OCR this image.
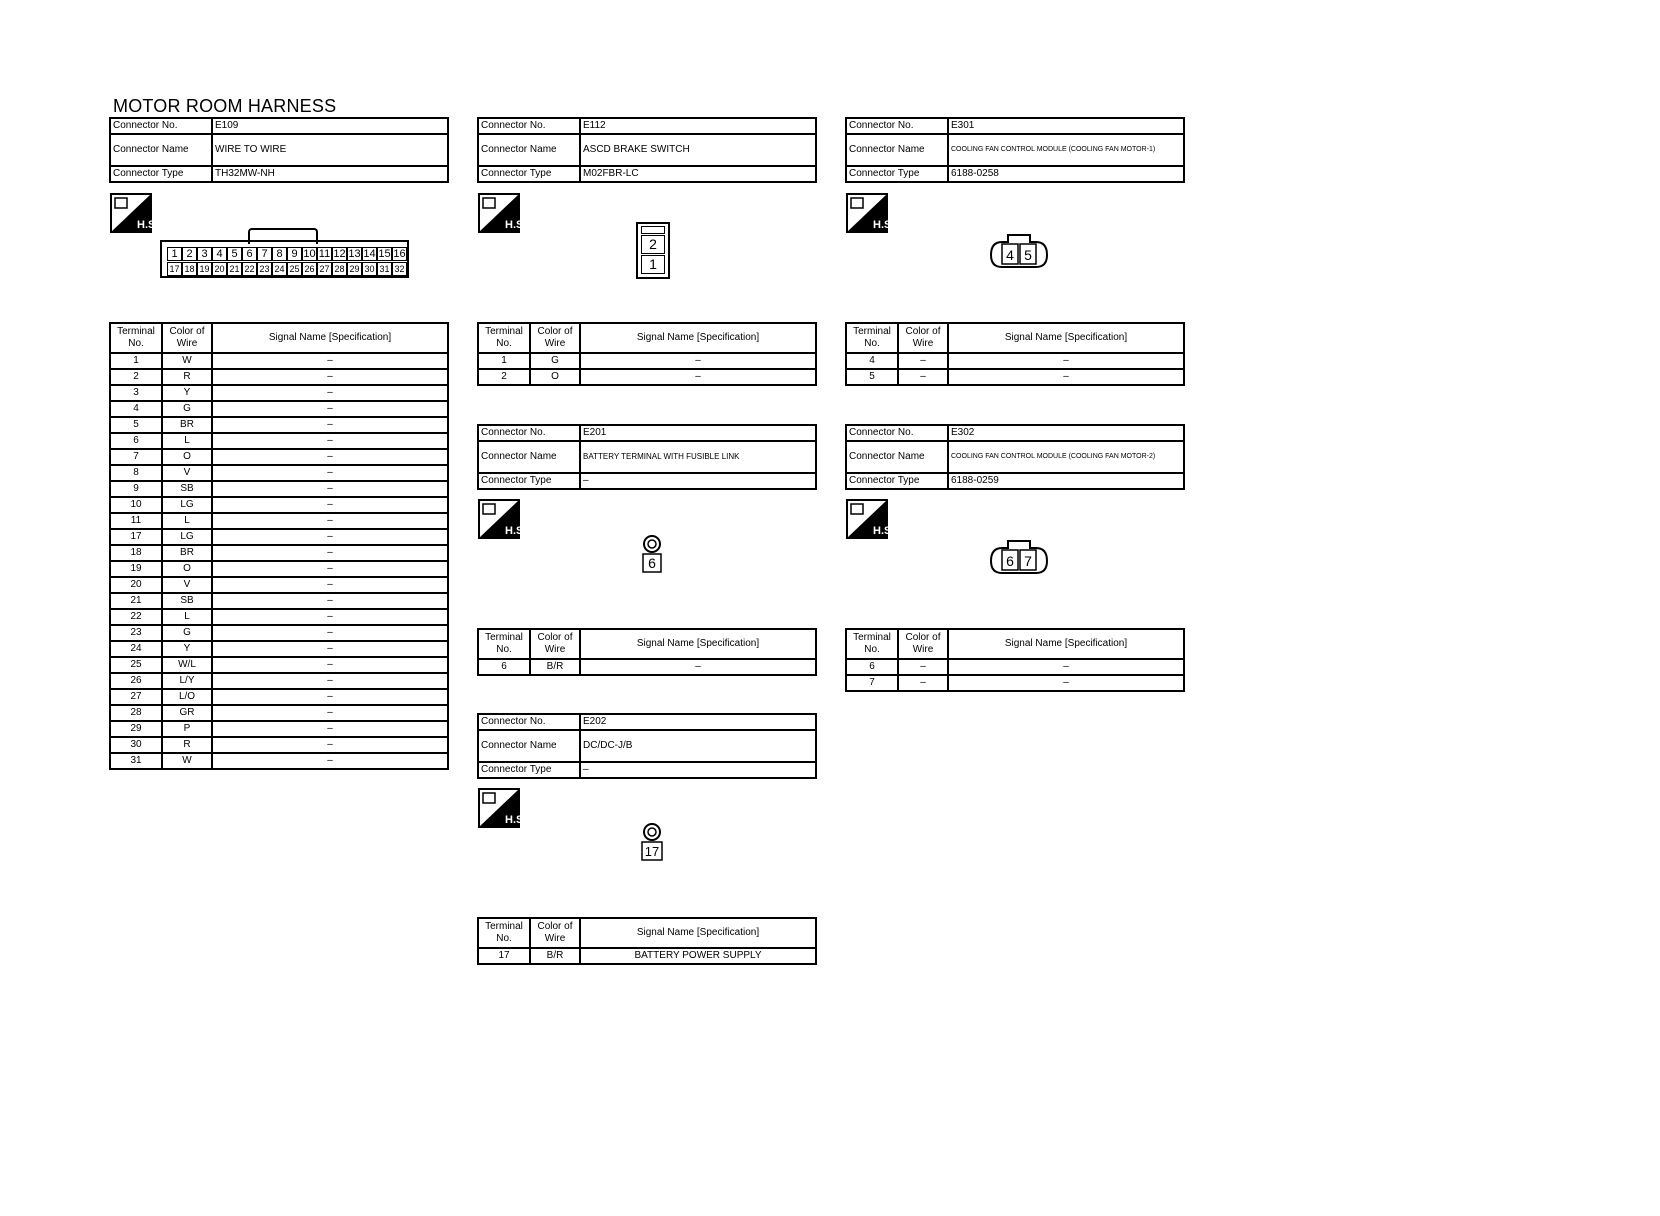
MOTOR ROOM HARNESS
Connector No.	E109
Connector Name	WIRE TO WIRE
Connector Type	TH32MW-NH
H.S.
1 2 3 4 5 6 7 8 9 10 11 12 13 14 15 16
17 18 19 20 21 22 23 24 25 26 27 28 29 30 31 32
Terminal No.	Color of Wire	Signal Name [Specification]
1	W	–
2	R	–
3	Y	–
4	G	–
5	BR	–
6	L	–
7	O	–
8	V	–
9	SB	–
10	LG	–
11	L	–
17	LG	–
18	BR	–
19	O	–
20	V	–
21	SB	–
22	L	–
23	G	–
24	Y	–
25	W/L	–
26	L/Y	–
27	L/O	–
28	GR	–
29	P	–
30	R	–
31	W	–
Connector No.	E112
Connector Name	ASCD BRAKE SWITCH
Connector Type	M02FBR-LC
H.S.
2
1
Terminal No.	Color of Wire	Signal Name [Specification]
1	G	–
2	O	–
Connector No.	E201
Connector Name	BATTERY TERMINAL WITH FUSIBLE LINK
Connector Type	–
H.S.
6
Terminal No.	Color of Wire	Signal Name [Specification]
6	B/R	–
Connector No.	E202
Connector Name	DC/DC-J/B
Connector Type	–
H.S.
17
Terminal No.	Color of Wire	Signal Name [Specification]
17	B/R	BATTERY POWER SUPPLY
Connector No.	E301
Connector Name	COOLING FAN CONTROL MODULE (COOLING FAN MOTOR-1)
Connector Type	6188-0258
H.S.
4 5
Terminal No.	Color of Wire	Signal Name [Specification]
4	–	–
5	–	–
Connector No.	E302
Connector Name	COOLING FAN CONTROL MODULE (COOLING FAN MOTOR-2)
Connector Type	6188-0259
H.S.
6 7
Terminal No.	Color of Wire	Signal Name [Specification]
6	–	–
7	–	–
